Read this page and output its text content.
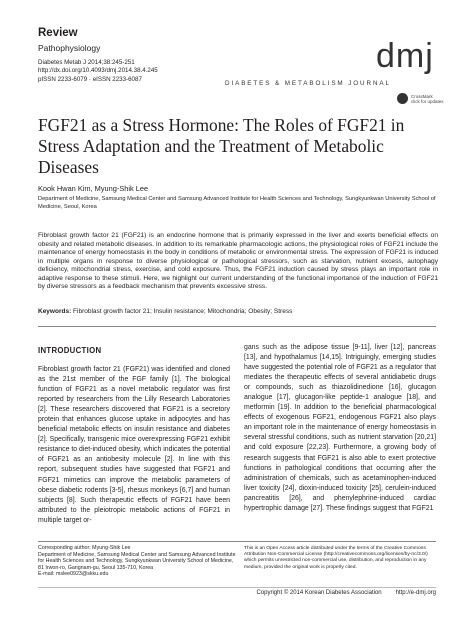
Review
Pathophysiology
Diabetes Metab J 2014;38:245-251
http://dx.doi.org/10.4093/dmj.2014.38.4.245
pISSN 2233-6079 · eISSN 2233-6087
dmj
DIABETES & METABOLISM JOURNAL
CrossMark
click for updates
FGF21 as a Stress Hormone: The Roles of FGF21 in Stress Adaptation and the Treatment of Metabolic Diseases
Kook Hwan Kim, Myung-Shik Lee
Department of Medicine, Samsung Medical Center and Samsung Advanced Institute for Health Sciences and Technology, Sungkyunkwan University School of Medicine, Seoul, Korea
Fibroblast growth factor 21 (FGF21) is an endocrine hormone that is primarily expressed in the liver and exerts beneficial effects on obesity and related metabolic diseases. In addition to its remarkable pharmacologic actions, the physiological roles of FGF21 include the maintenance of energy homeostasis in the body in conditions of metabolic or environmental stress. The expression of FGF21 is induced in multiple organs in response to diverse physiological or pathological stressors, such as starvation, nutrient excess, autophagy deficiency, mitochondrial stress, exercise, and cold exposure. Thus, the FGF21 induction caused by stress plays an important role in adaptive response to these stimuli. Here, we highlight our current understanding of the functional importance of the induction of FGF21 by diverse stressors as a feedback mechanism that prevents excessive stress.
Keywords: Fibroblast growth factor 21; Insulin resistance; Mitochondria; Obesity; Stress
INTRODUCTION
Fibroblast growth factor 21 (FGF21) was identified and cloned as the 21st member of the FGF family [1]. The biological function of FGF21 as a novel metabolic regulator was first reported by researchers from the Lilly Research Laboratories [2]. These researchers discovered that FGF21 is a secretory protein that enhances glucose uptake in adipocytes and has beneficial metabolic effects on insulin resistance and diabetes [2]. Specifically, transgenic mice overexpressing FGF21 exhibit resistance to diet-induced obesity, which indicates the potential of FGF21 as an antiobesity molecule [2]. In line with this report, subsequent studies have suggested that FGF21 and FGF21 mimetics can improve the metabolic parameters of obese diabetic rodents [3-5], rhesus monkeys [6,7] and human subjects [8]. Such therapeutic effects of FGF21 have been attributed to the pleiotropic metabolic actions of FGF21 in multiple target or-
gans such as the adipose tissue [9-11], liver [12], pancreas [13], and hypothalamus [14,15]. Intriguingly, emerging studies have suggested the potential role of FGF21 as a regulator that mediates the therapeutic effects of several antidiabetic drugs or compounds, such as thiazolidinedione [16], glucagon analogue [17], glucagon-like peptide-1 analogue [18], and metformin [19]. In addition to the beneficial pharmacological effects of exogenous FGF21, endogenous FGF21 also plays an important role in the maintenance of energy homeostasis in several stressful conditions, such as nutrient starvation [20,21] and cold exposure [22,23]. Furthermore, a growing body of research suggests that FGF21 is also able to exert protective functions in pathological conditions that occurring after the administration of chemicals, such as acetaminophen-induced liver toxicity [24], dioxin-induced toxicity [25], cerulein-induced pancreatitis [26], and phenylephrine-induced cardiac hypertrophic damage [27]. These findings suggest that FGF21
Corresponding author: Myung-Shik Lee
Department of Medicine, Samsung Medical Center and Samsung Advanced Institute for Health Sciences and Technology, Sungkyunkwan University School of Medicine, 81 Irwon-ro, Gangnam-gu, Seoul 135-710, Korea
E-mail: mslee0923@skku.edu
This is an Open Access article distributed under the terms of the Creative Commons Attribution Non-Commercial License (http://creativecommons.org/licenses/by-nc/3.0/) which permits unrestricted non-commercial use, distribution, and reproduction in any medium, provided the original work is properly cited.
Copyright © 2014 Korean Diabetes Association http://e-dmj.org
